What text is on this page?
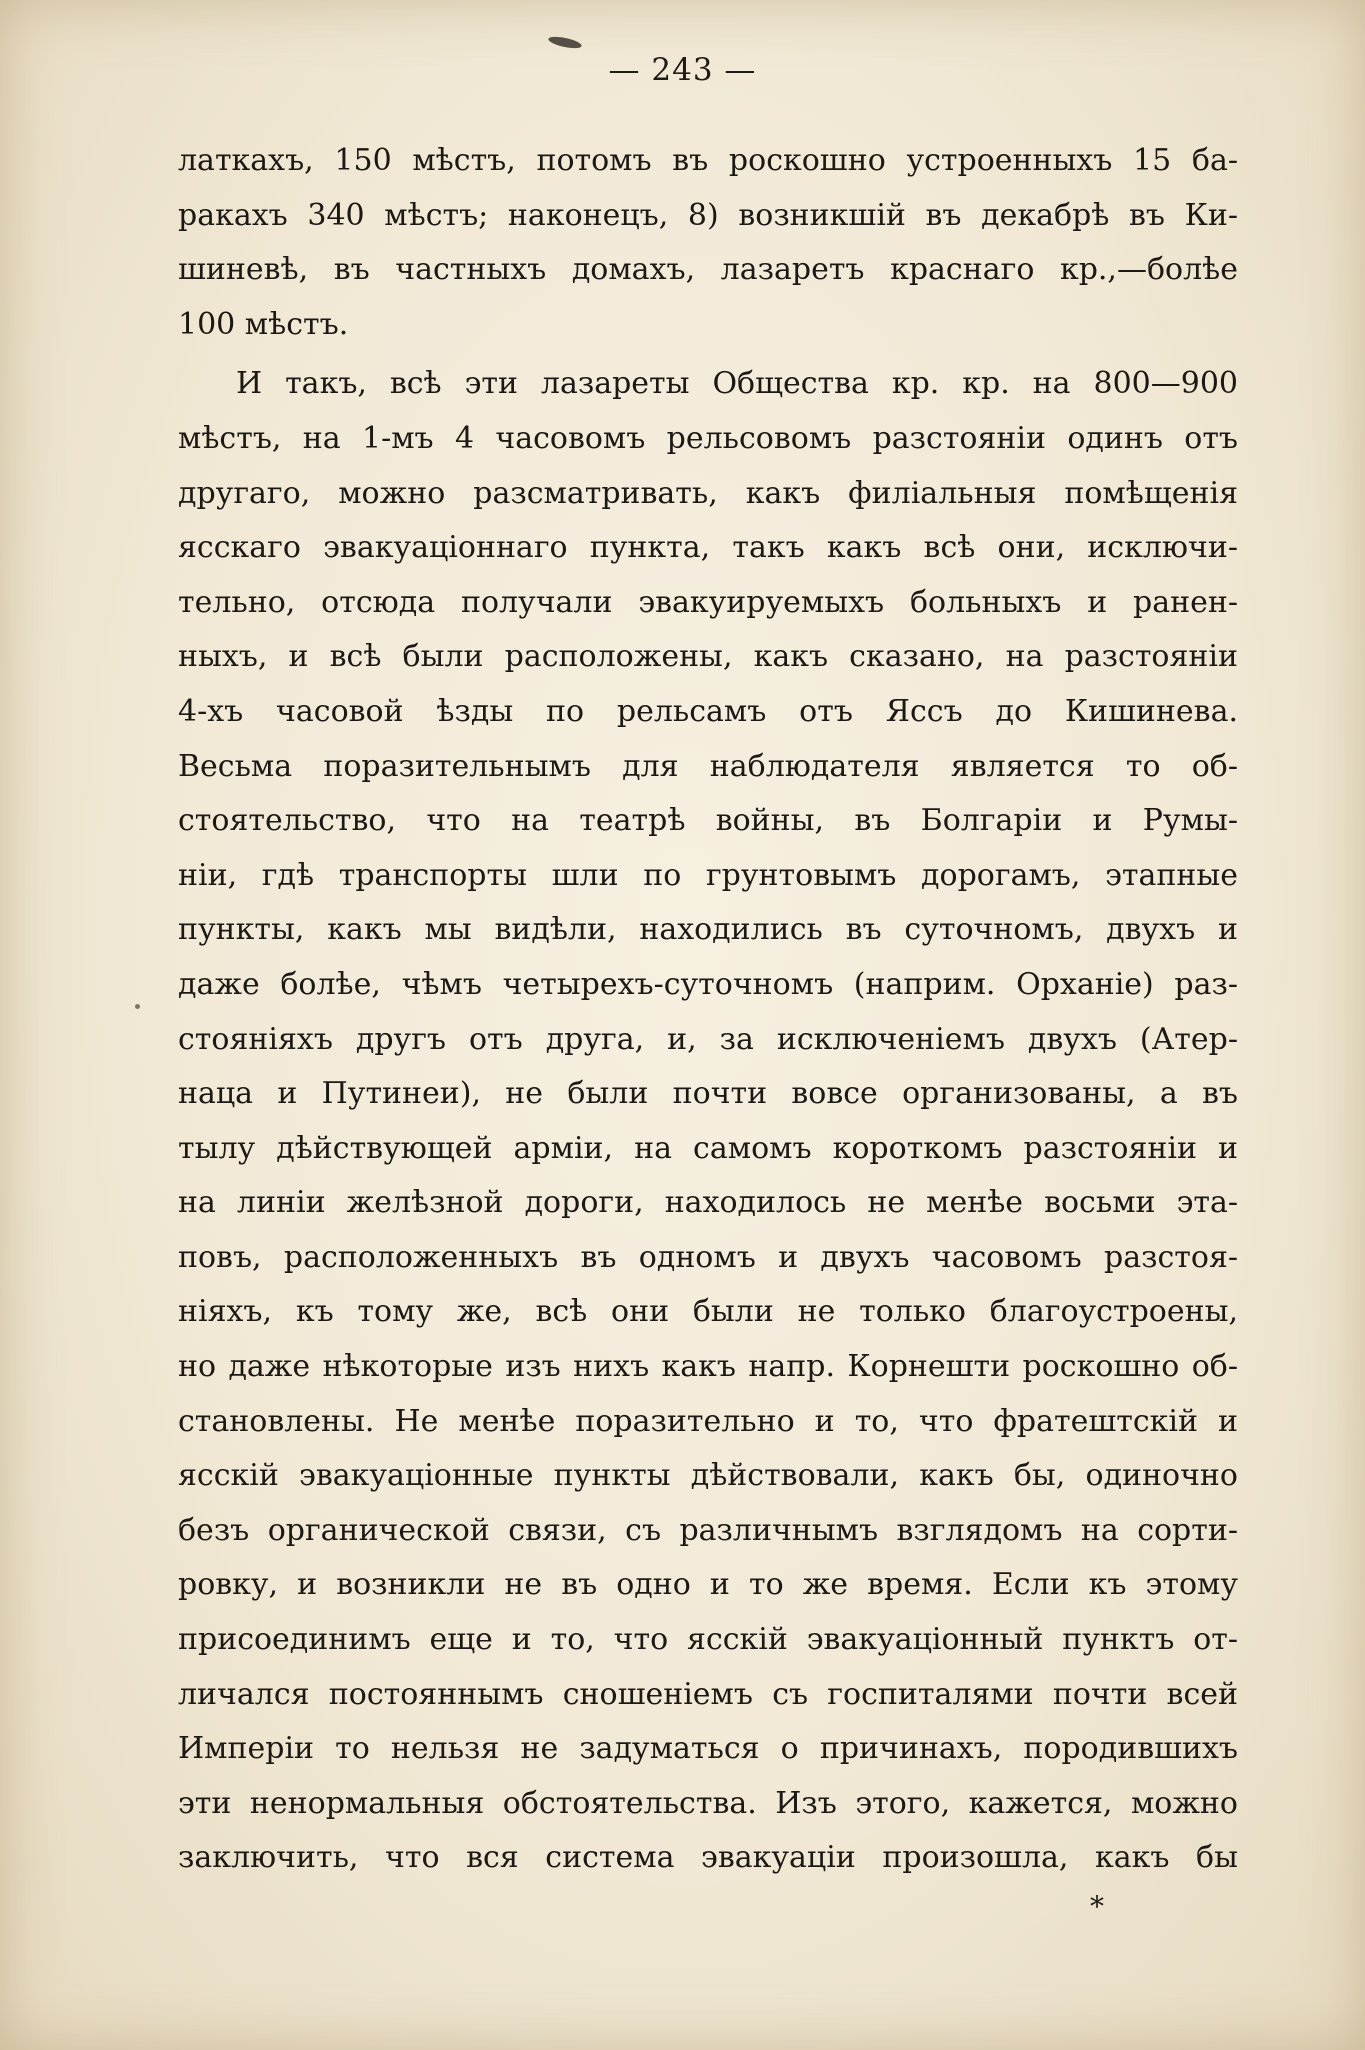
— 243 —
латкахъ, 150 мѣстъ, потомъ въ роскошно устроенныхъ 15 ба-
ракахъ 340 мѣстъ; наконецъ, 8) возникшій въ декабрѣ въ Ки-
шиневѣ, въ частныхъ домахъ, лазаретъ краснаго кр.,—болѣе
100 мѣстъ.
И такъ, всѣ эти лазареты Общества кр. кр. на 800—900
мѣстъ, на 1-мъ 4 часовомъ рельсовомъ разстояніи одинъ отъ
другаго, можно разсматривать, какъ филіальныя помѣщенія
яcскаго эвакуаціоннаго пункта, такъ какъ всѣ они, исключи-
тельно, отсюда получали эвакуируемыхъ больныхъ и ранен-
ныхъ, и всѣ были расположены, какъ сказано, на разстояніи
4-хъ часовой ѣзды по рельсамъ отъ Яссъ до Кишинева.
Весьма поразительнымъ для наблюдателя является то об-
стоятельство, что на театрѣ войны, въ Болгаріи и Румы-
ніи, гдѣ транспорты шли по грунтовымъ дорогамъ, этапные
пункты, какъ мы видѣли, находились въ суточномъ, двухъ и
даже болѣе, чѣмъ четырехъ-суточномъ (наприм. Орханіе) раз-
стояніяхъ другъ отъ друга, и, за исключеніемъ двухъ (Атер-
наца и Путинеи), не были почти вовсе организованы, а въ
тылу дѣйствующей арміи, на самомъ короткомъ разстояніи и
на линіи желѣзной дороги, находилось не менѣе восьми эта-
повъ, расположенныхъ въ одномъ и двухъ часовомъ разстоя-
ніяхъ, къ тому же, всѣ они были не только благоустроены,
но даже нѣкоторые изъ нихъ какъ напр. Корнешти роскошно об-
становлены. Не менѣе поразительно и то, что фратештскій и
ясскій эвакуаціонные пункты дѣйствовали, какъ бы, одиночно
безъ органической связи, съ различнымъ взглядомъ на сорти-
ровку, и возникли не въ одно и то же время. Если къ этому
присоединимъ еще и то, что ясскій эвакуаціонный пунктъ от-
личался постояннымъ сношеніемъ съ госпиталями почти всей
Имперіи то нельзя не задуматься о причинахъ, породившихъ
эти ненормальныя обстоятельства. Изъ этого, кажется, можно
заключить, что вся система эвакуаціи произошла, какъ бы
*
